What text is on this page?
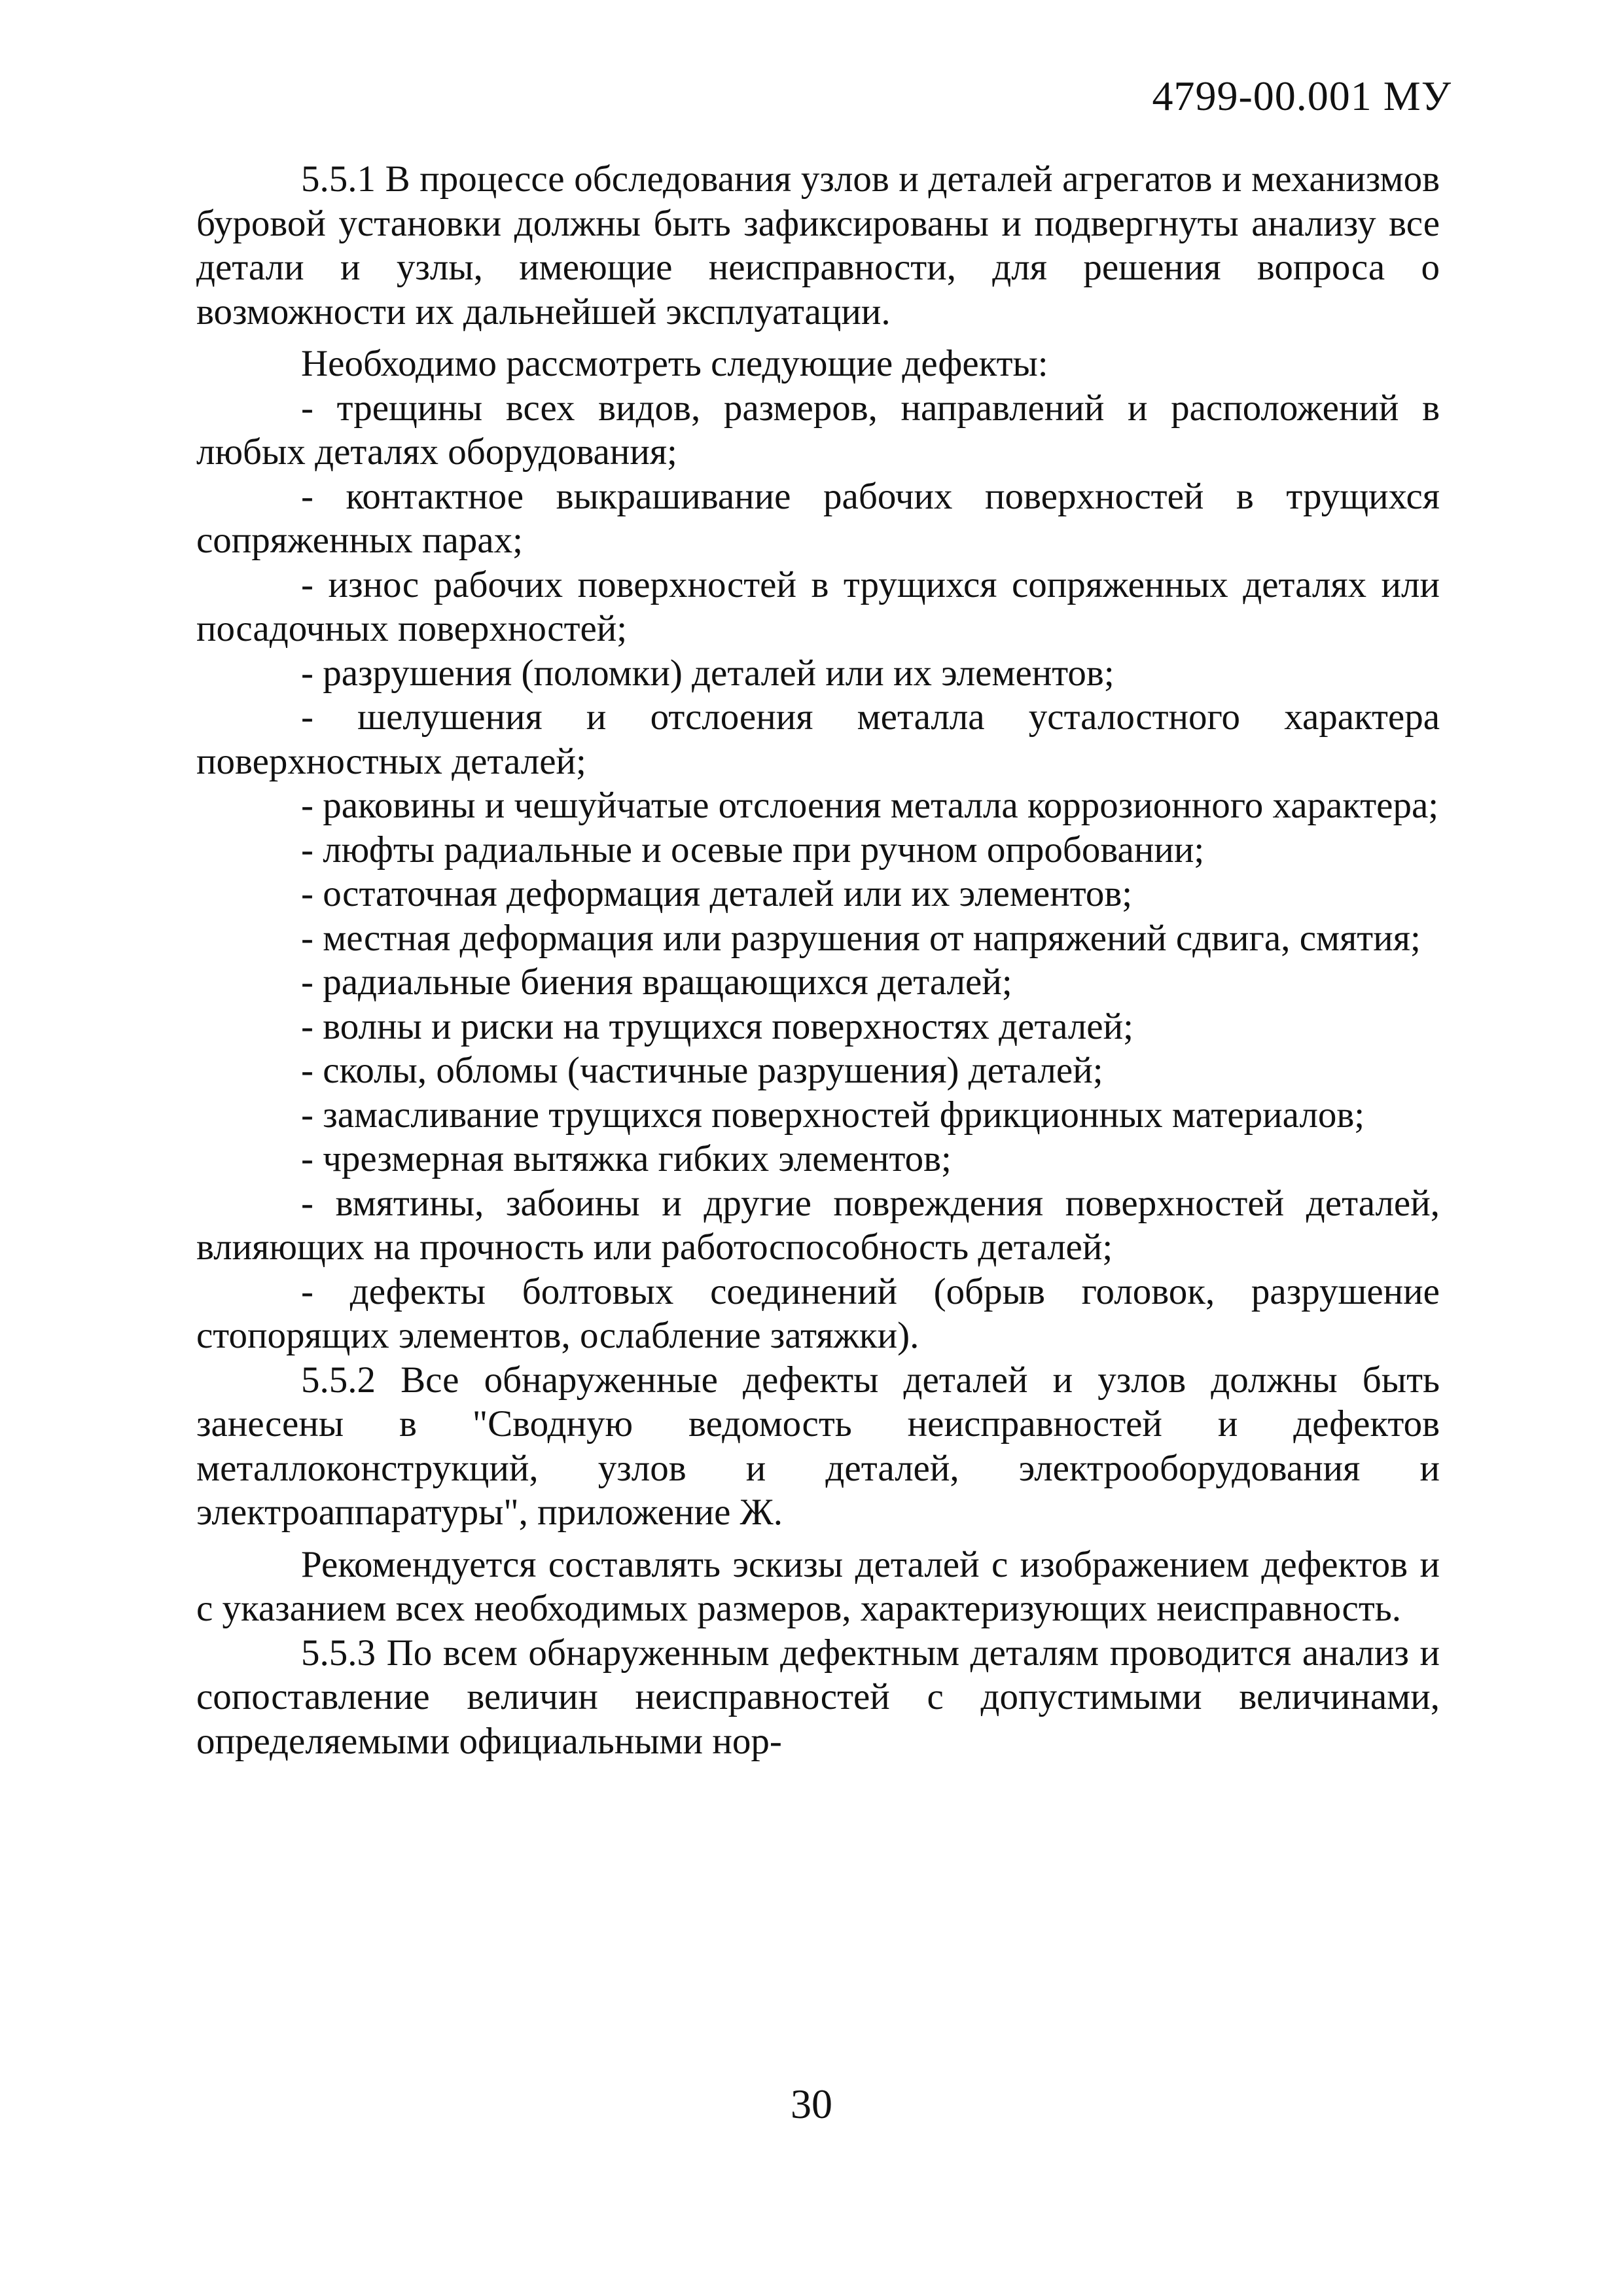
4799-00.001 МУ

5.5.1 В процессе обследования узлов и деталей агрегатов и механизмов буровой установки должны быть зафиксированы и подвергнуты анализу все детали и узлы, имеющие неисправности, для решения вопроса о возможности их дальнейшей эксплуатации.

Необходимо рассмотреть следующие дефекты:

- трещины всех видов, размеров, направлений и расположений в любых деталях оборудования;

- контактное выкрашивание рабочих поверхностей в трущихся сопряженных парах;

- износ рабочих поверхностей в трущихся сопряженных деталях или посадочных поверхностей;

- разрушения (поломки) деталей или их элементов;

- шелушения и отслоения металла усталостного характера поверхностных деталей;

- раковины и чешуйчатые отслоения металла коррозионного характера;

- люфты радиальные и осевые при ручном опробовании;

- остаточная деформация деталей или их элементов;

- местная деформация или разрушения от напряжений сдвига, смятия;

- радиальные биения вращающихся деталей;

- волны и риски на трущихся поверхностях деталей;

- сколы, обломы (частичные разрушения) деталей;

- замасливание трущихся поверхностей фрикционных материалов;

- чрезмерная вытяжка гибких элементов;

- вмятины, забоины и другие повреждения поверхностей деталей, влияющих на прочность или работоспособность деталей;

- дефекты болтовых соединений (обрыв головок, разрушение стопорящих элементов, ослабление затяжки).

5.5.2 Все обнаруженные дефекты деталей и узлов должны быть занесены в "Сводную ведомость неисправностей и дефектов металлоконструкций, узлов и деталей, электрооборудования и электроаппаратуры", приложение Ж.

Рекомендуется составлять эскизы деталей с изображением дефектов и с указанием всех необходимых размеров, характеризующих неисправность.

5.5.3 По всем обнаруженным дефектным деталям проводится анализ и сопоставление величин неисправностей с допустимыми величинами, определяемыми официальными нор-

30
